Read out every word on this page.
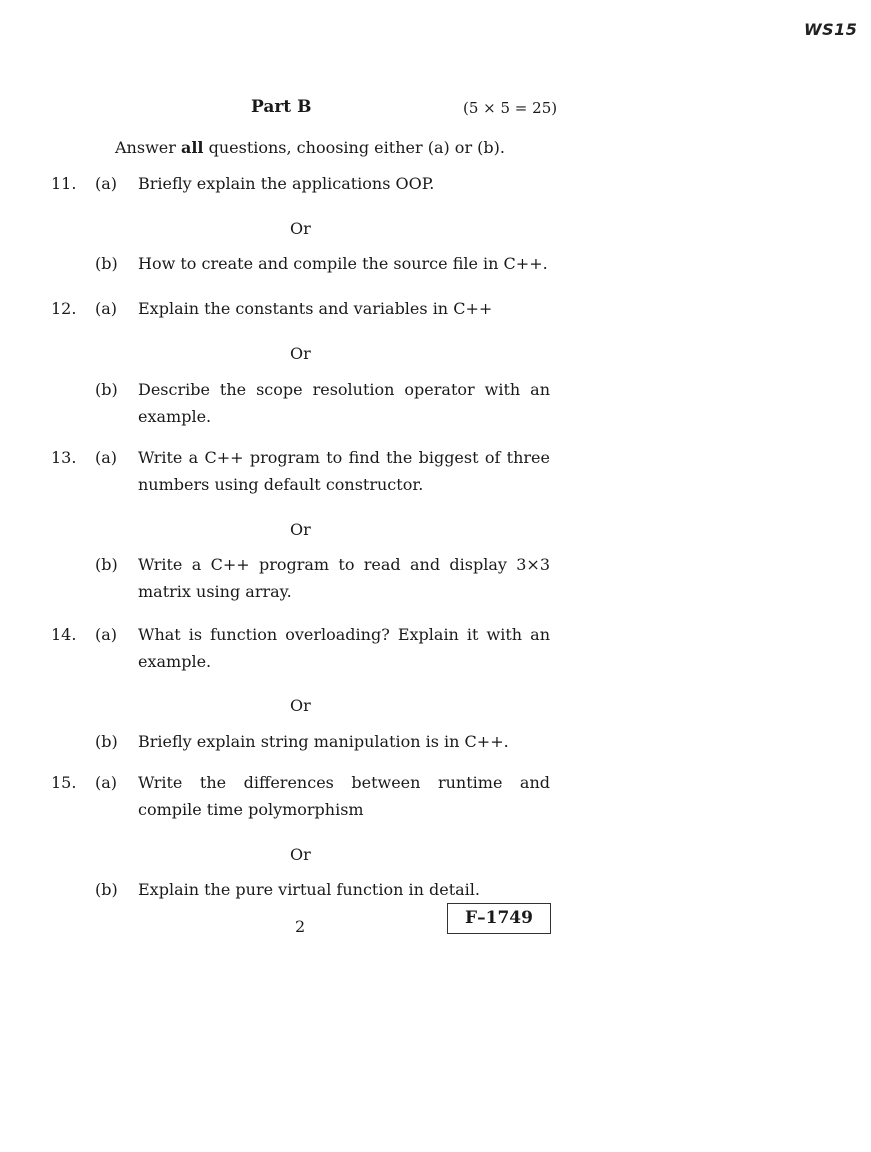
WS15
Part B	(5 × 5 = 25)
Answer all questions, choosing either (a) or (b).
11. (a) Briefly explain the applications OOP.
Or
(b) How to create and compile the source file in C++.
12. (a) Explain the constants and variables in C++
Or
(b) Describe the scope resolution operator with an example.
13. (a) Write a C++ program to find the biggest of three numbers using default constructor.
Or
(b) Write a C++ program to read and display 3×3 matrix using array.
14. (a) What is function overloading? Explain it with an example.
Or
(b) Briefly explain string manipulation is in C++.
15. (a) Write the differences between runtime and compile time polymorphism
Or
(b) Explain the pure virtual function in detail.
2	F–1749
